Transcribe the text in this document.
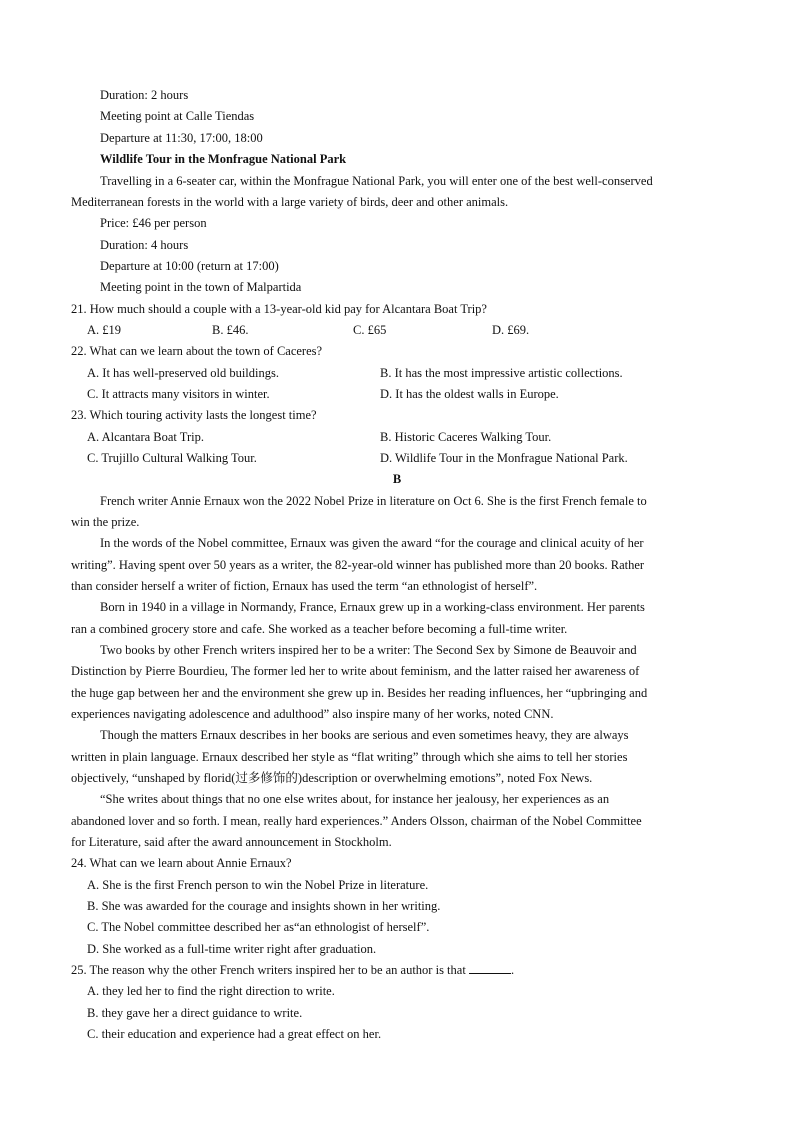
Duration: 2 hours
Meeting point at Calle Tiendas
Departure at 11:30, 17:00, 18:00
Wildlife Tour in the Monfrague National Park
Travelling in a 6-seater car, within the Monfrague National Park, you will enter one of the best well-conserved
Mediterranean forests in the world with a large variety of birds, deer and other animals.
Price: £46 per person
Duration: 4 hours
Departure at 10:00 (return at 17:00)
Meeting point in the town of Malpartida
21. How much should a couple with a 13-year-old kid pay for Alcantara Boat Trip?
A. £19	B. £46.	C. £65	D. £69.
22. What can we learn about the town of Caceres?
A. It has well-preserved old buildings.	B. It has the most impressive artistic collections.
C. It attracts many visitors in winter.	D. It has the oldest walls in Europe.
23. Which touring activity lasts the longest time?
A. Alcantara Boat Trip.	B. Historic Caceres Walking Tour.
C. Trujillo Cultural Walking Tour.	D. Wildlife Tour in the Monfrague National Park.
B
French writer Annie Ernaux won the 2022 Nobel Prize in literature on Oct 6. She is the first French female to
win the prize.
In the words of the Nobel committee, Ernaux was given the award “for the courage and clinical acuity of her
writing”. Having spent over 50 years as a writer, the 82-year-old winner has published more than 20 books. Rather
than consider herself a writer of fiction, Ernaux has used the term “an ethnologist of herself”.
Born in 1940 in a village in Normandy, France, Ernaux grew up in a working-class environment. Her parents
ran a combined grocery store and cafe. She worked as a teacher before becoming a full-time writer.
Two books by other French writers inspired her to be a writer: The Second Sex by Simone de Beauvoir and
Distinction by Pierre Bourdieu, The former led her to write about feminism, and the latter raised her awareness of
the huge gap between her and the environment she grew up in. Besides her reading influences, her “upbringing and
experiences navigating adolescence and adulthood” also inspire many of her works, noted CNN.
Though the matters Ernaux describes in her books are serious and even sometimes heavy, they are always
written in plain language. Ernaux described her style as “flat writing” through which she aims to tell her stories
objectively, “unshaped by florid(过多修饰的)description or overwhelming emotions”, noted Fox News.
“She writes about things that no one else writes about, for instance her jealousy, her experiences as an
abandoned lover and so forth. I mean, really hard experiences.” Anders Olsson, chairman of the Nobel Committee
for Literature, said after the award announcement in Stockholm.
24. What can we learn about Annie Ernaux?
A. She is the first French person to win the Nobel Prize in literature.
B. She was awarded for the courage and insights shown in her writing.
C. The Nobel committee described her as“an ethnologist of herself”.
D. She worked as a full-time writer right after graduation.
25. The reason why the other French writers inspired her to be an author is that	.
A. they led her to find the right direction to write.
B. they gave her a direct guidance to write.
C. their education and experience had a great effect on her.
